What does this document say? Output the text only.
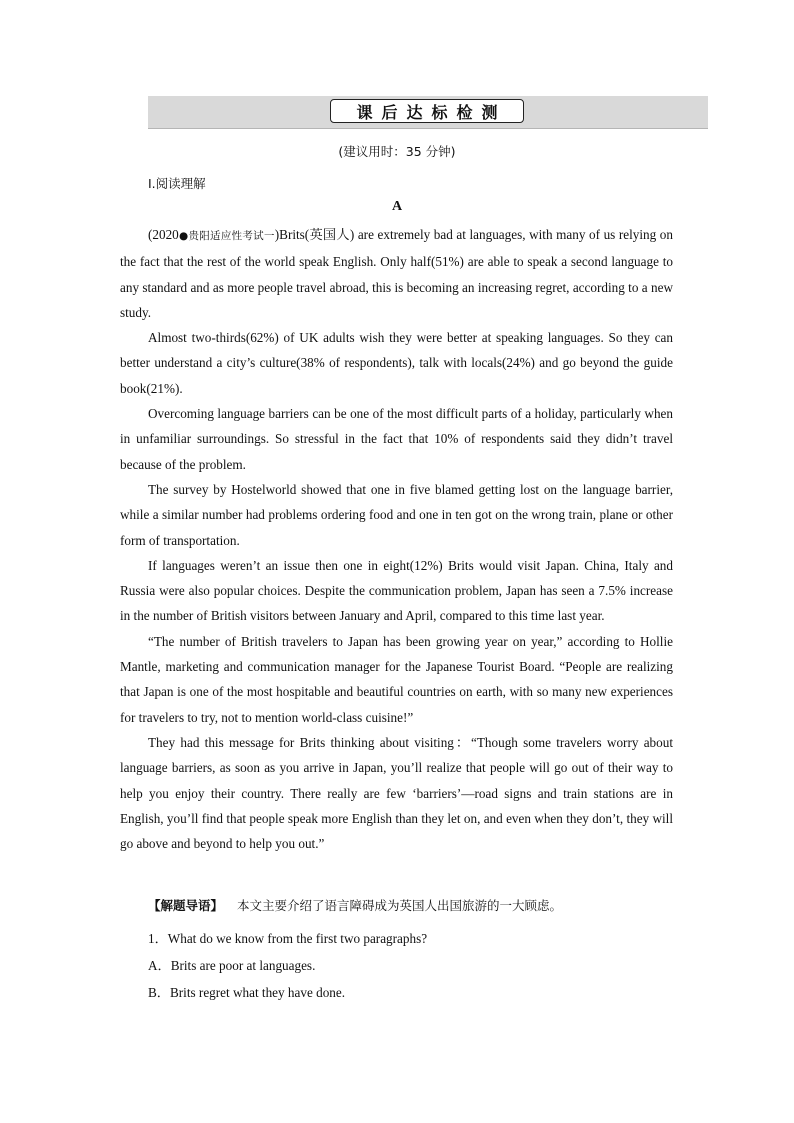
课后达标检测
(建议用时：35 分钟)
Ⅰ.阅读理解
A

(2020●贵阳适应性考试一)Brits(英国人) are extremely bad at languages, with many of us relying on the fact that the rest of the world speak English. Only half(51%) are able to speak a second language to any standard and as more people travel abroad, this is becoming an increasing regret, according to a new study.

Almost two-thirds(62%) of UK adults wish they were better at speaking languages. So they can better understand a city’s culture(38% of respondents), talk with locals(24%) and go beyond the guide book(21%).

Overcoming language barriers can be one of the most difficult parts of a holiday, particularly when in unfamiliar surroundings. So stressful in the fact that 10% of respondents said they didn’t travel because of the problem.

The survey by Hostelworld showed that one in five blamed getting lost on the language barrier, while a similar number had problems ordering food and one in ten got on the wrong train, plane or other form of transportation.

If languages weren’t an issue then one in eight(12%) Brits would visit Japan. China, Italy and Russia were also popular choices. Despite the communication problem, Japan has seen a 7.5% increase in the number of British visitors between January and April, compared to this time last year.

“The number of British travelers to Japan has been growing year on year,” according to Hollie Mantle, marketing and communication manager for the Japanese Tourist Board. “People are realizing that Japan is one of the most hospitable and beautiful countries on earth, with so many new experiences for travelers to try, not to mention world-class cuisine!”

They had this message for Brits thinking about visiting：“Though some travelers worry about language barriers, as soon as you arrive in Japan, you’ll realize that people will go out of their way to help you enjoy their country. There really are few ‘barriers’—road signs and train stations are in English, you’ll find that people speak more English than they let on, and even when they don’t, they will go above and beyond to help you out.”

【解题导语】 本文主要介绍了语言障碍成为英国人出国旅游的一大顾虑。
1．What do we know from the first two paragraphs?
A．Brits are poor at languages.
B．Brits regret what they have done.
